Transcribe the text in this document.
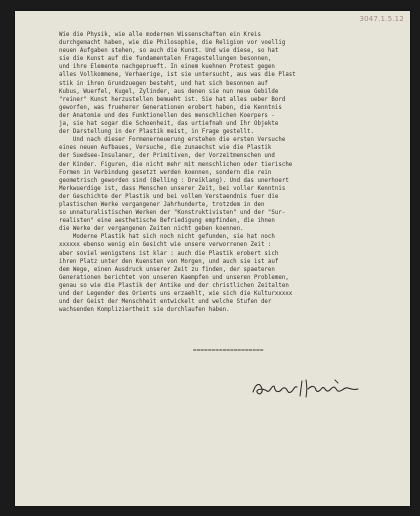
3047.1.5.12
Wie die Physik, wie alle modernen Wissenschaften ein Kreis
durchgemacht haben, wie die Philosophie, die Religion vor voellig
neuen Aufgaben stehen, so auch die Kunst. Und wie diese, so hat
sie die Kunst auf die fundamentalen Fragestellungen besonnen,
und ihre Elemente nachgeprueft. In einem kuehnen Protest gegen
alles Vollkommene, Verhaerige, ist sie untersucht, aus was die Plast
stik in ihren Grundzuegen besteht, und hat sich besonnen auf
Kubus, Wuerfel, Kugel, Zylinder, aus denen sie nun neue Gebilde
"reiner" Kunst herzustellen bemueht ist. Sie hat alles ueber Bord
geworfen, was frueherer Generationen erobert haben, die Kenntnis
der Anatomie und des Funktionellen des menschlichen Koerpers -
ja, sie hat sogar die Schoenheit, das urtiefnah und Ihr Objekte
der Darstellung in der Plastik meist, in Frage gestellt.
Und nach dieser Formenerneuerung erstehen die ersten Versuche
eines neuen Aufbaues, Versuche, die zunaechst wie die Plastik
der Suedsee-Insulaner, der Primitiven, der Vorzeitmenschen und
der Kinder. Figuren, die nicht mehr mit menschlichen oder tierische
Formen in Verbindung gesetzt werden koennen, sondern die rein
geometrisch geworden sind (Belling : Dreiklang). Und das unerhoert
Merkwuerdige ist, dass Menschen unserer Zeit, bei voller Kenntnis
der Geschichte der Plastik und bei vollem Verstaendnis fuer die
plastischen Werke vergangener Jahrhunderte, trotzdem in den
so unnaturalistischen Werken der "Konstruktivisten" und der "Sur-
realisten" eine aesthetische Befriedigung empfinden, die ihnen
die Werke der vergangenen Zeiten nicht geben koennen.
Moderne Plastik hat sich noch nicht gefunden, sie hat noch
xxxxxx ebenso wenig ein Gesicht wie unsere verworrenen Zeit :
aber soviel wenigstens ist klar : auch die Plastik erobert sich
ihren Platz unter den Kuensten von Morgen, und auch sie ist auf
dem Wege, einen Ausdruck unserer Zeit zu finden, der spaeteren
Generationen berichtet von unseren Kaempfen und unseren Problemen,
genau so wie die Plastik der Antike und der christlichen Zeitalten
und der Legender des Orients uns erzaehlt, wie sich die Kulturxxxxx
und der Geist der Menschheit entwickelt und welche Stufen der
wachsenden Kompliziertheit sie durchlaufen haben.
===================
